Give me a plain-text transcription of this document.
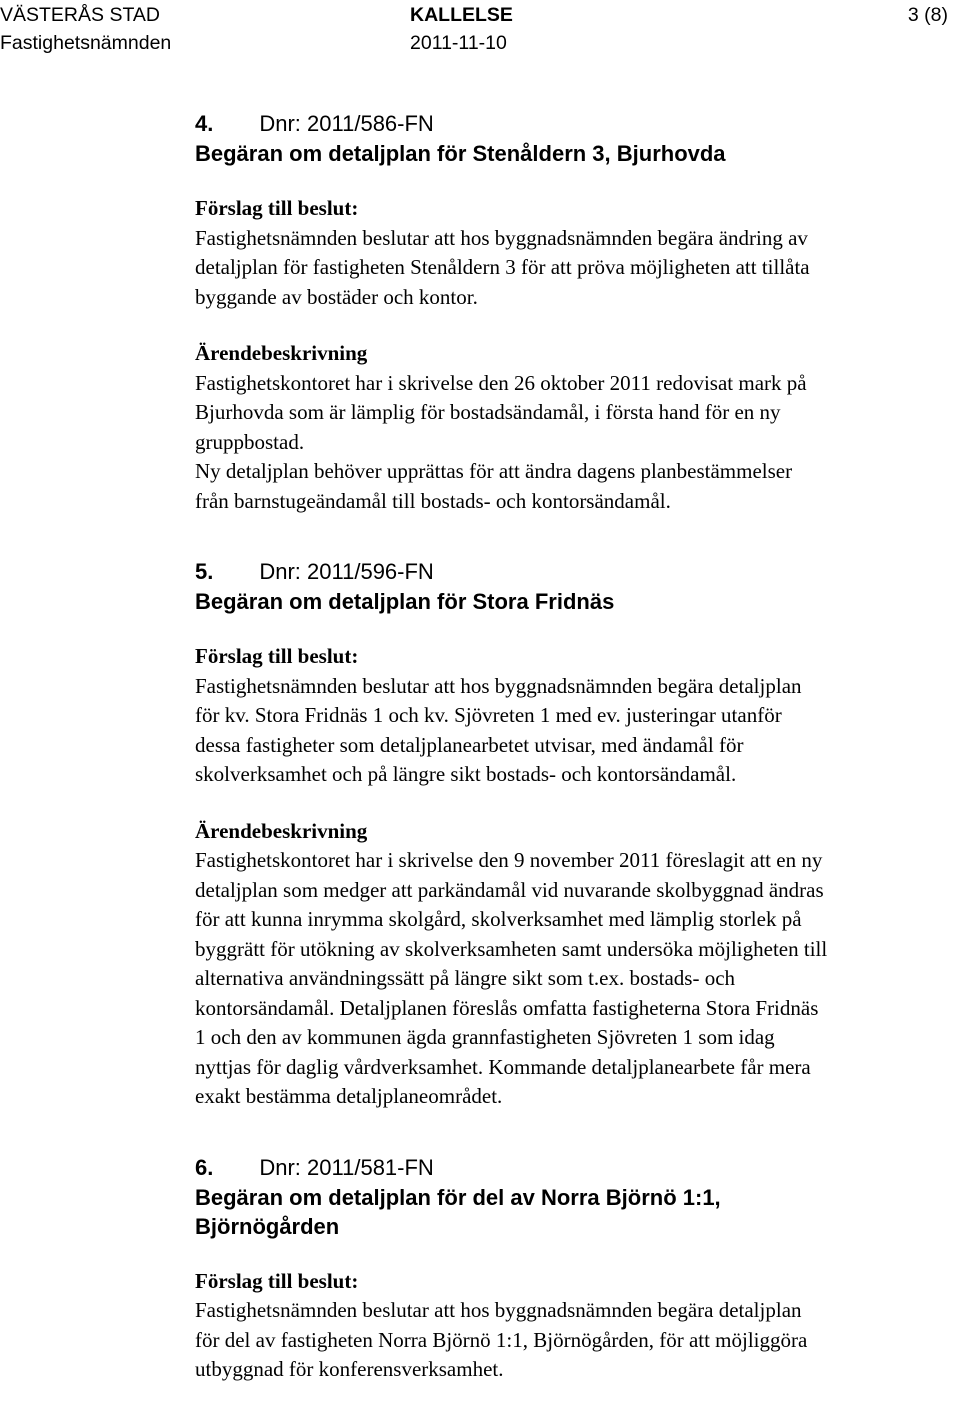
VÄSTERÅS STAD
Fastighetsnämnden
KALLELSE
2011-11-10
3 (8)

4. Dnr: 2011/586-FN

Begäran om detaljplan för Stenåldern 3, Bjurhovda

Förslag till beslut:

Fastighetsnämnden beslutar att hos byggnadsnämnden begära ändring av

detaljplan för fastigheten Stenåldern 3 för att pröva möjligheten att tillåta

byggande av bostäder och kontor.

Ärendebeskrivning

Fastighetskontoret har i skrivelse den 26 oktober 2011 redovisat mark på

Bjurhovda som är lämplig för bostadsändamål, i första hand för en ny

gruppbostad.

Ny detaljplan behöver upprättas för att ändra dagens planbestämmelser

från barnstugeändamål till bostads- och kontorsändamål.

5. Dnr: 2011/596-FN

Begäran om detaljplan för Stora Fridnäs

Förslag till beslut:

Fastighetsnämnden beslutar att hos byggnadsnämnden begära detaljplan

för kv. Stora Fridnäs 1 och kv. Sjövreten 1 med ev. justeringar utanför

dessa fastigheter som detaljplanearbetet utvisar, med ändamål för

skolverksamhet och på längre sikt bostads- och kontorsändamål.

Ärendebeskrivning

Fastighetskontoret har i skrivelse den 9 november 2011 föreslagit att en ny

detaljplan som medger att parkändamål vid nuvarande skolbyggnad ändras

för att kunna inrymma skolgård, skolverksamhet med lämplig storlek på

byggrätt för utökning av skolverksamheten samt undersöka möjligheten till

alternativa användningssätt på längre sikt som t.ex. bostads- och

kontorsändamål. Detaljplanen föreslås omfatta fastigheterna Stora Fridnäs

1 och den av kommunen ägda grannfastigheten Sjövreten 1 som idag

nyttjas för daglig vårdverksamhet. Kommande detaljplanearbete får mera

exakt bestämma detaljplaneområdet.

6. Dnr: 2011/581-FN

Begäran om detaljplan för del av Norra Björnö 1:1,

Björnögården

Förslag till beslut:

Fastighetsnämnden beslutar att hos byggnadsnämnden begära detaljplan

för del av fastigheten Norra Björnö 1:1, Björnögården, för att möjliggöra

utbyggnad för konferensverksamhet.
